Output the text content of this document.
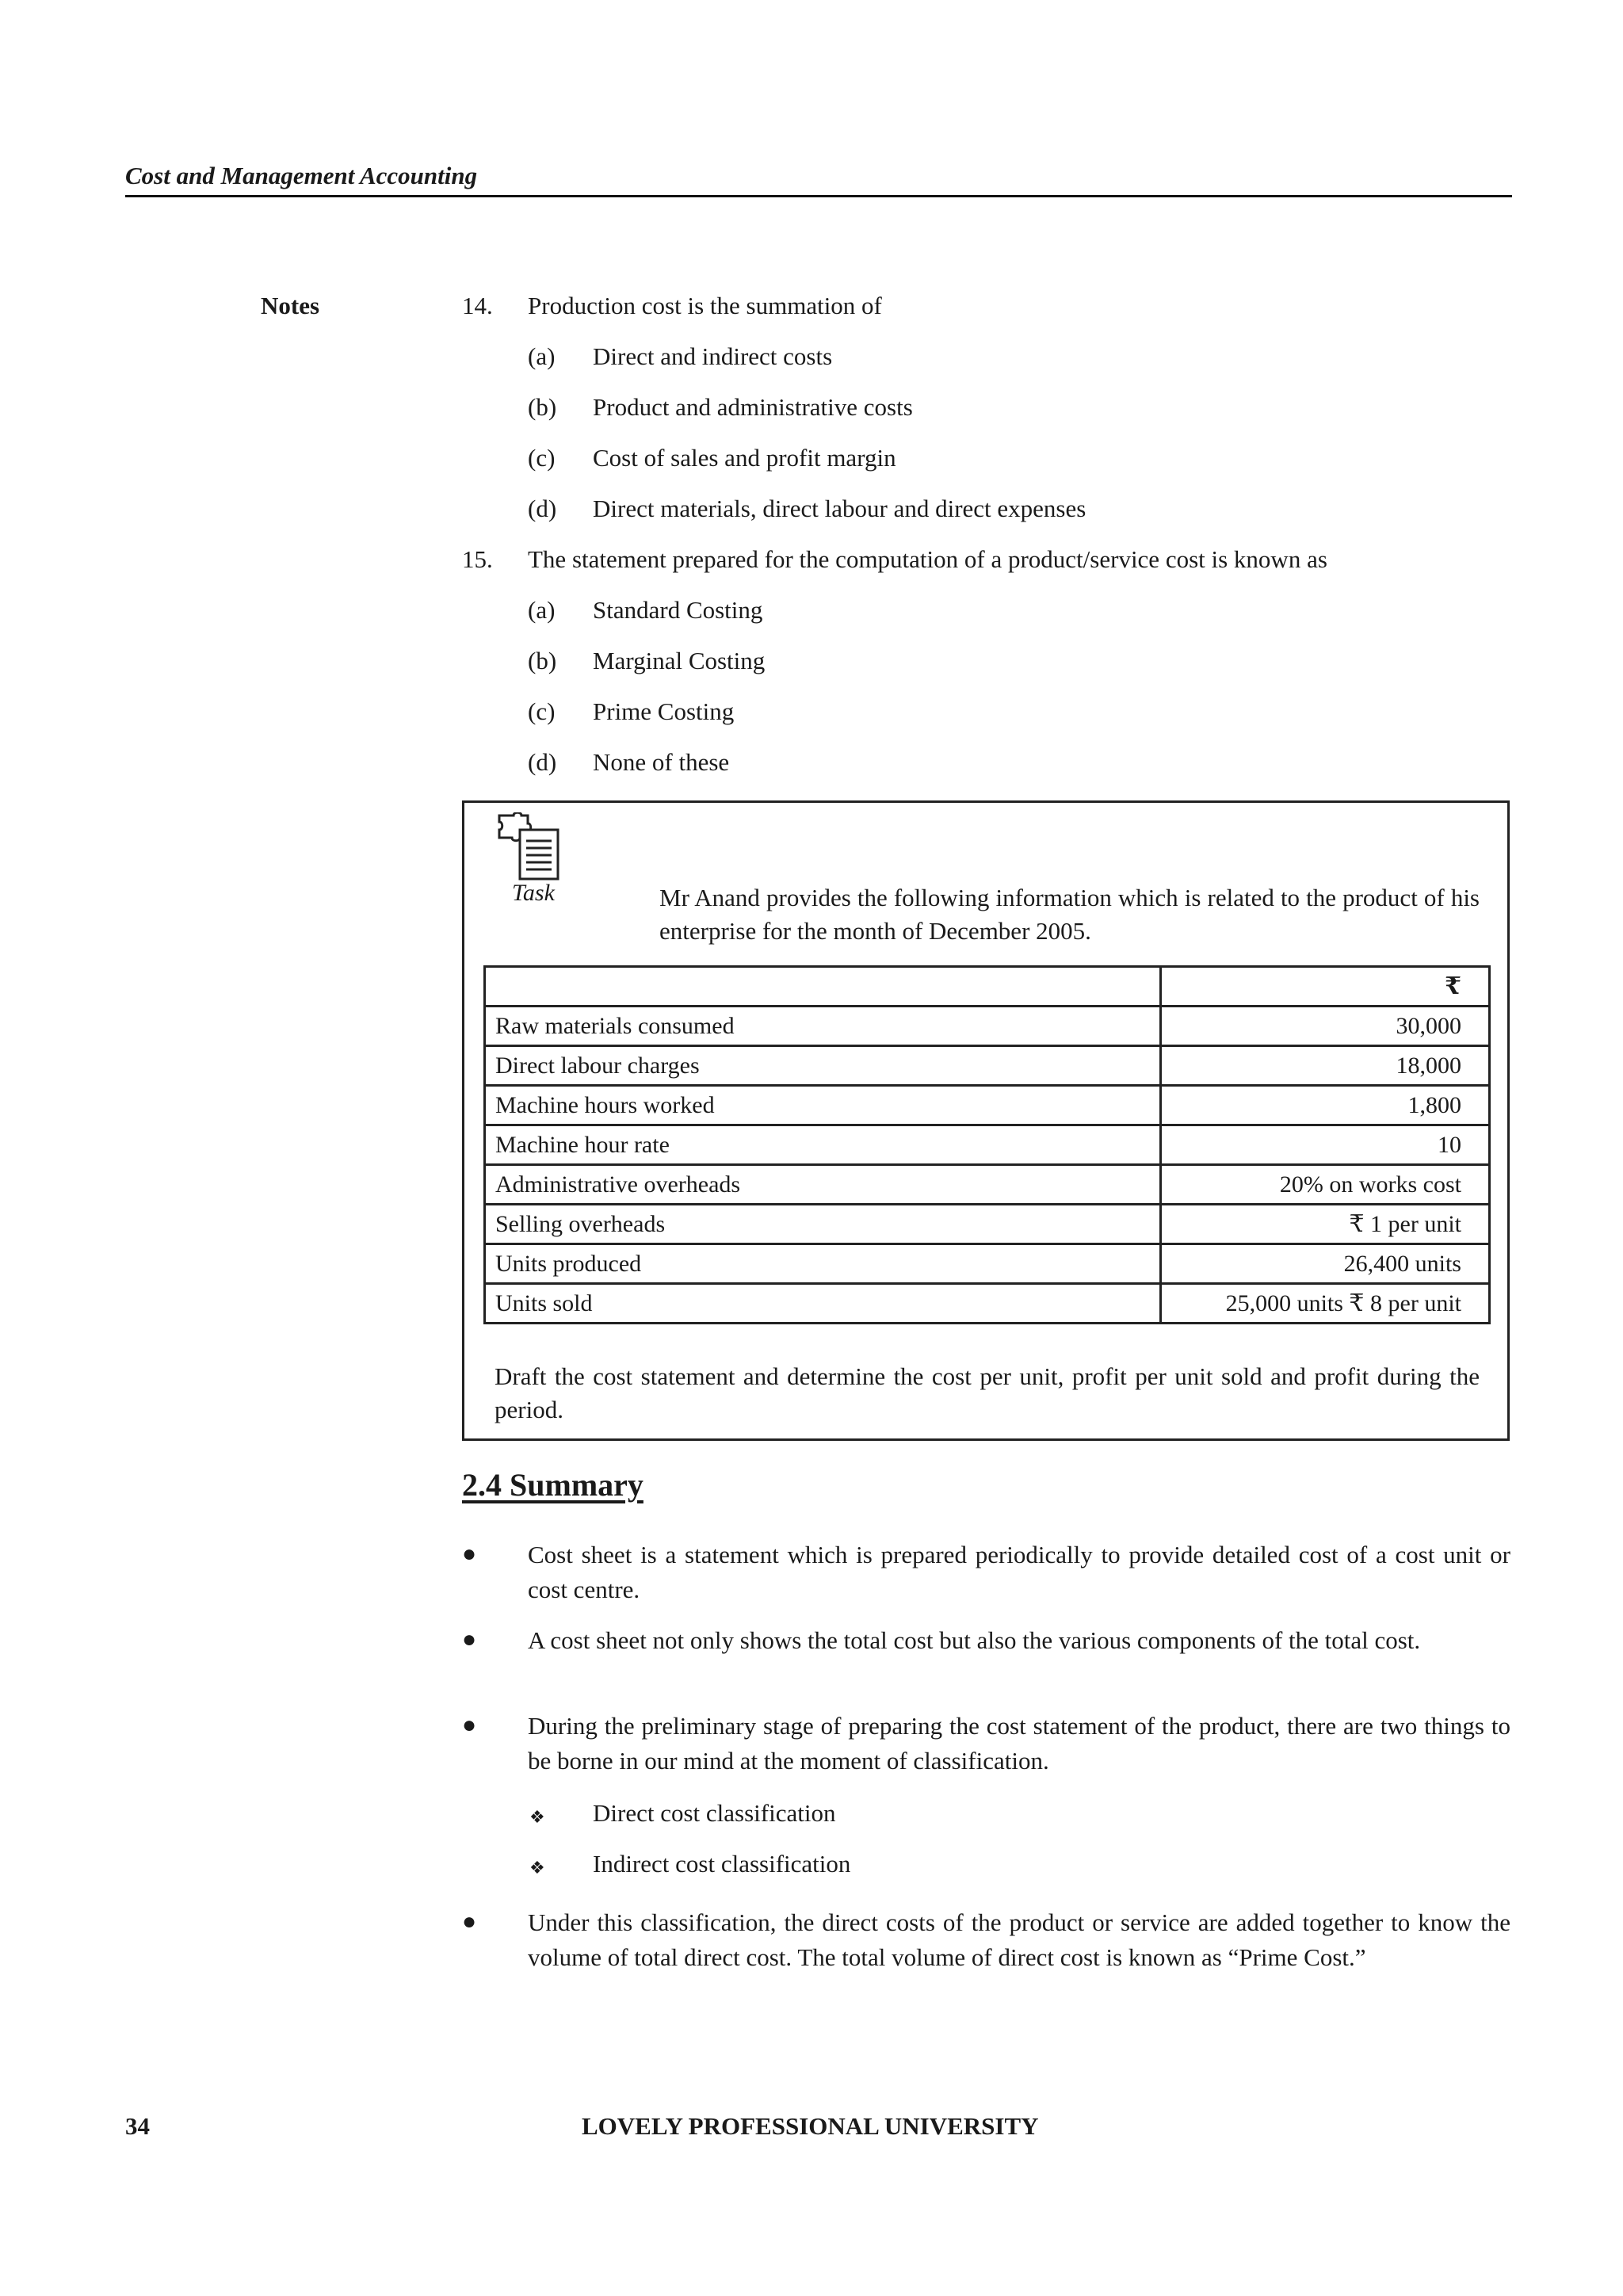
Cost and Management Accounting
Notes	14. Production cost is the summation of
(a) Direct and indirect costs
(b) Product and administrative costs
(c) Cost of sales and profit margin
(d) Direct materials, direct labour and direct expenses
15. The statement prepared for the computation of a product/service cost is known as
(a) Standard Costing
(b) Marginal Costing
(c) Prime Costing
(d) None of these
Task	Mr Anand provides the following information which is related to the product of his enterprise for the month of December 2005.
	₹
Raw materials consumed	30,000
Direct labour charges	18,000
Machine hours worked	1,800
Machine hour rate	10
Administrative overheads	20% on works cost
Selling overheads	₹ 1 per unit
Units produced	26,400 units
Units sold	25,000 units ₹ 8 per unit
Draft the cost statement and determine the cost per unit, profit per unit sold and profit during the period.
2.4 Summary
● Cost sheet is a statement which is prepared periodically to provide detailed cost of a cost unit or cost centre.
● A cost sheet not only shows the total cost but also the various components of the total cost.
● During the preliminary stage of preparing the cost statement of the product, there are two things to be borne in our mind at the moment of classification.
❖ Direct cost classification
❖ Indirect cost classification
● Under this classification, the direct costs of the product or service are added together to know the volume of total direct cost. The total volume of direct cost is known as “Prime Cost.”
34	LOVELY PROFESSIONAL UNIVERSITY
